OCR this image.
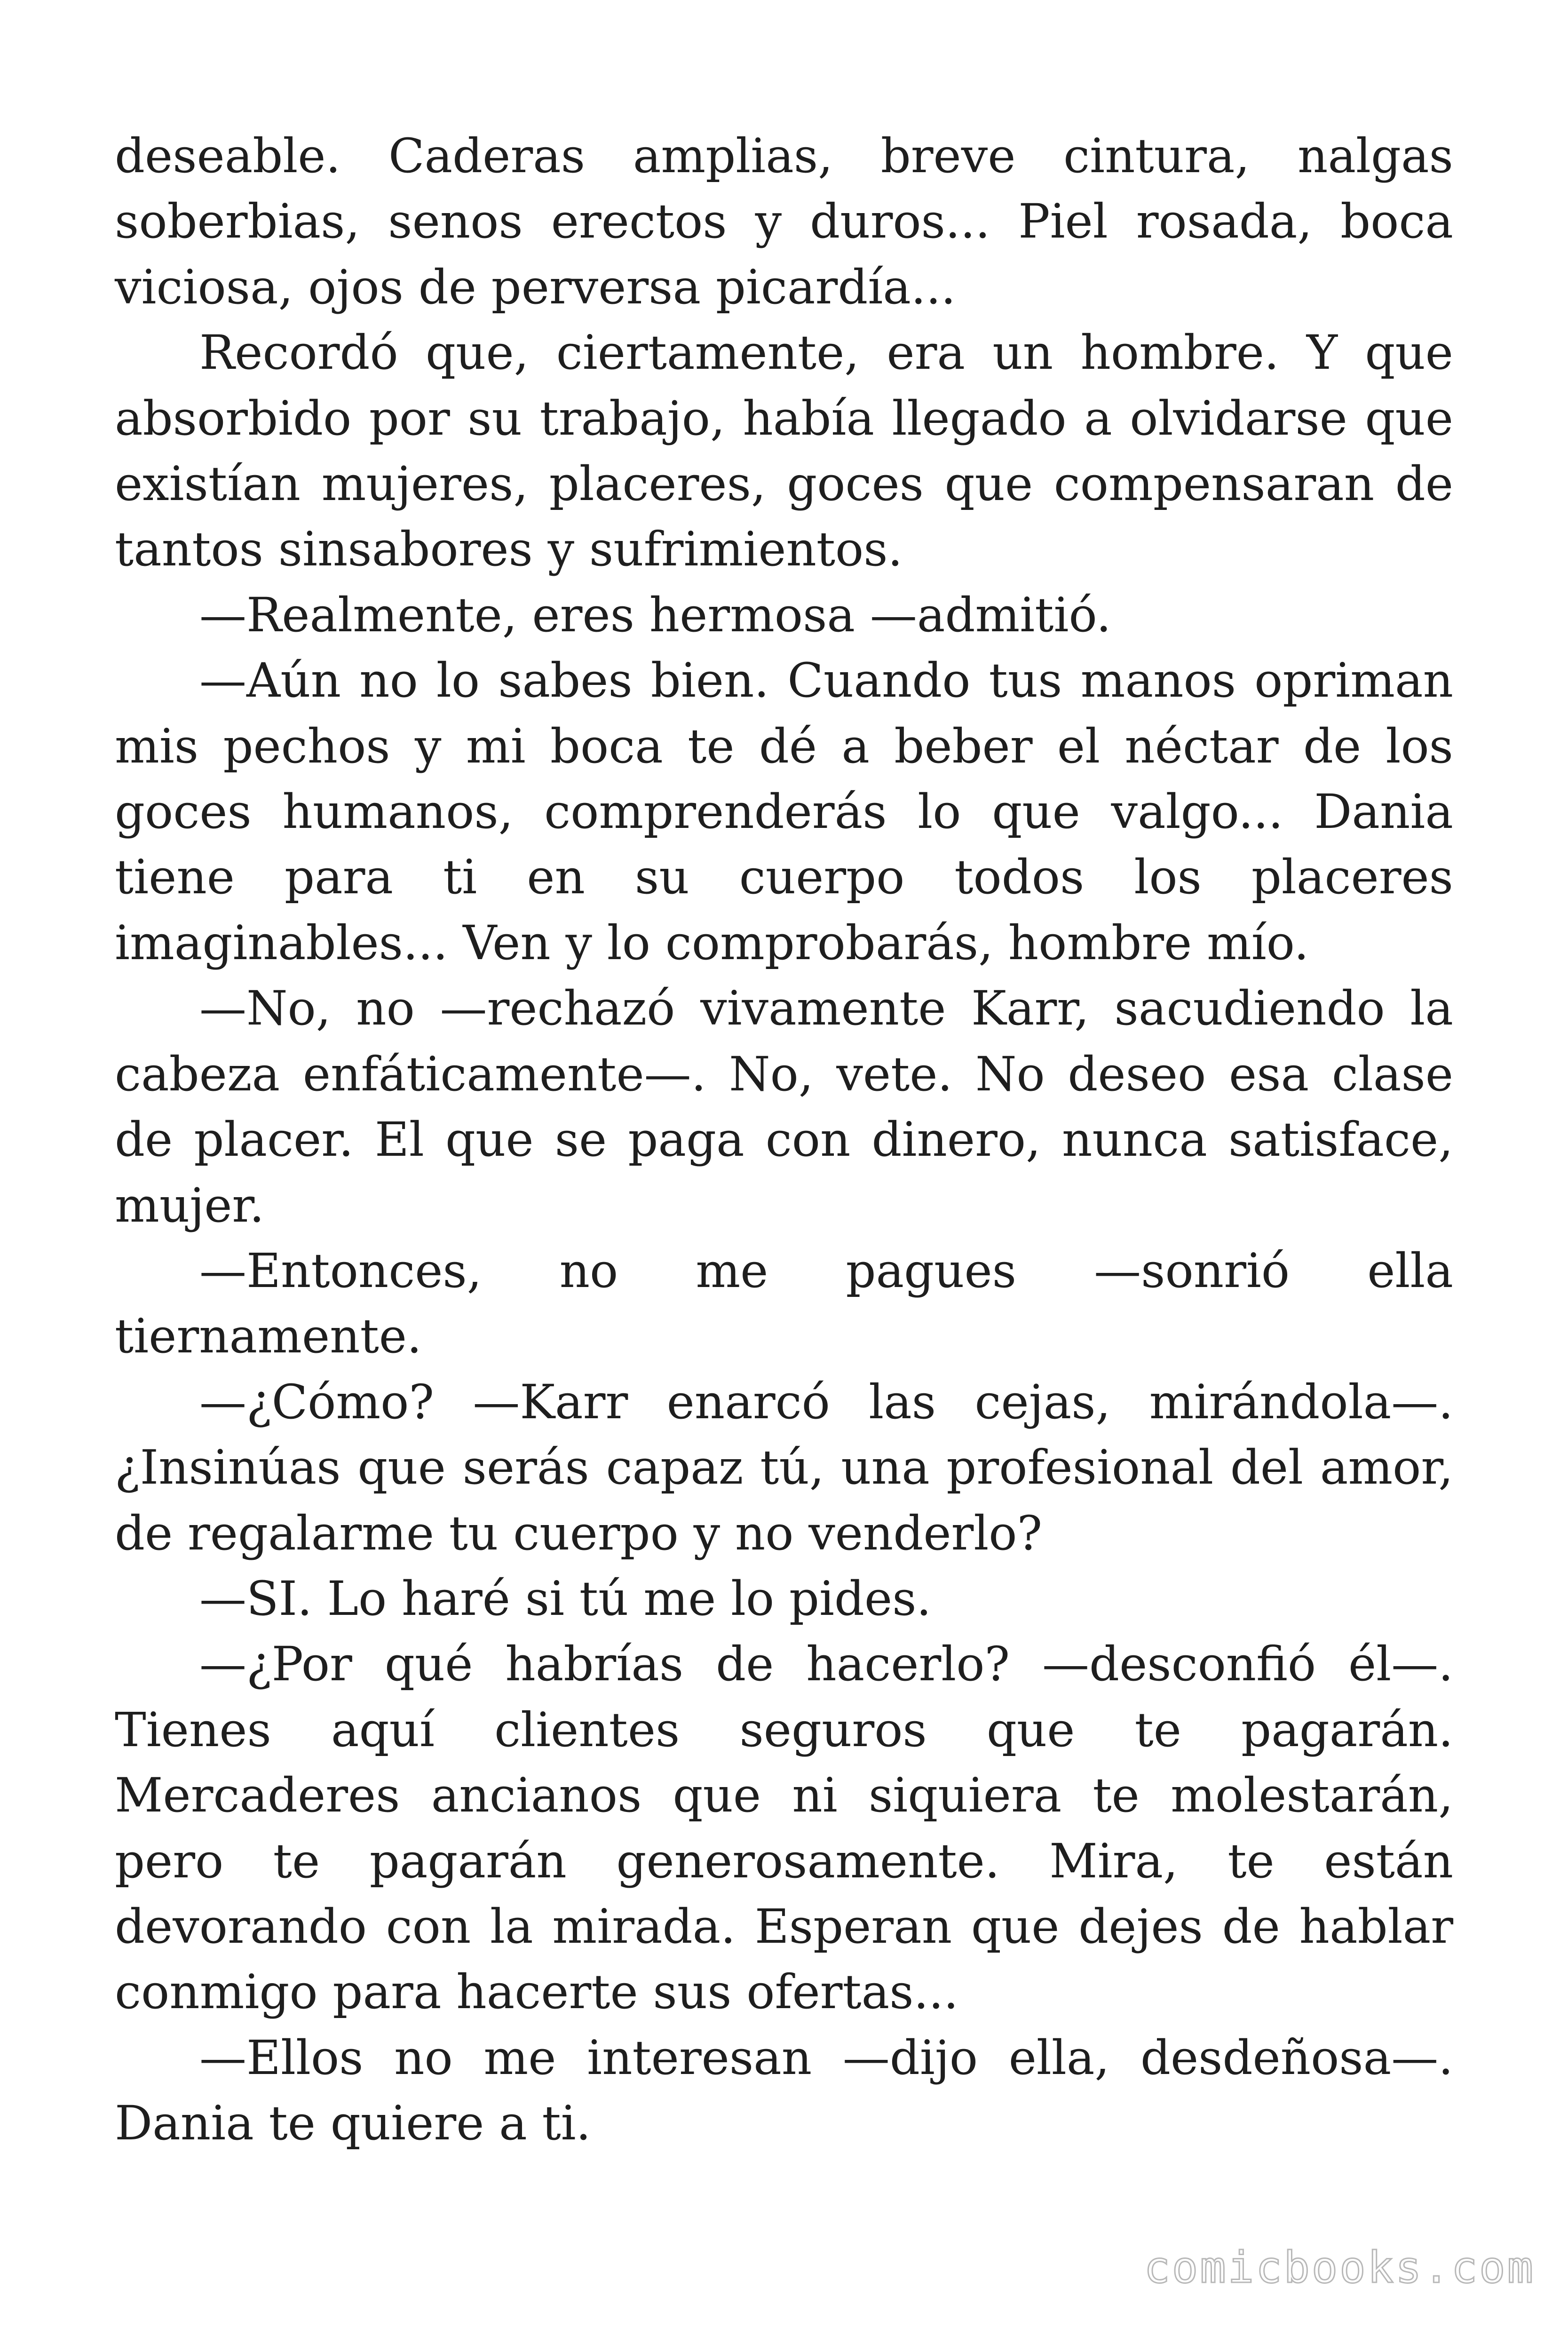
deseable. Caderas amplias, breve cintura, nalgas soberbias, senos erectos y duros... Piel rosada, boca viciosa, ojos de perversa picardía...

Recordó que, ciertamente, era un hombre. Y que absorbido por su trabajo, había llegado a olvidarse que existían mujeres, placeres, goces que compensaran de tantos sinsabores y sufrimientos.

—Realmente, eres hermosa —admitió.

—Aún no lo sabes bien. Cuando tus manos opriman mis pechos y mi boca te dé a beber el néctar de los goces humanos, comprenderás lo que valgo... Dania tiene para ti en su cuerpo todos los placeres imaginables... Ven y lo comprobarás, hombre mío.

—No, no —rechazó vivamente Karr, sacudiendo la cabeza enfáticamente—. No, vete. No deseo esa clase de placer. El que se paga con dinero, nunca satisface, mujer.

—Entonces, no me pagues —sonrió ella tiernamente.

—¿Cómo? —Karr enarcó las cejas, mirándola—. ¿Insinúas que serás capaz tú, una profesional del amor, de regalarme tu cuerpo y no venderlo?

—SI. Lo haré si tú me lo pides.

—¿Por qué habrías de hacerlo? —desconfió él—. Tienes aquí clientes seguros que te pagarán. Mercaderes ancianos que ni siquiera te molestarán, pero te pagarán generosamente. Mira, te están devorando con la mirada. Esperan que dejes de hablar conmigo para hacerte sus ofertas...

—Ellos no me interesan —dijo ella, desdeñosa—. Dania te quiere a ti.

comicbooks.com
